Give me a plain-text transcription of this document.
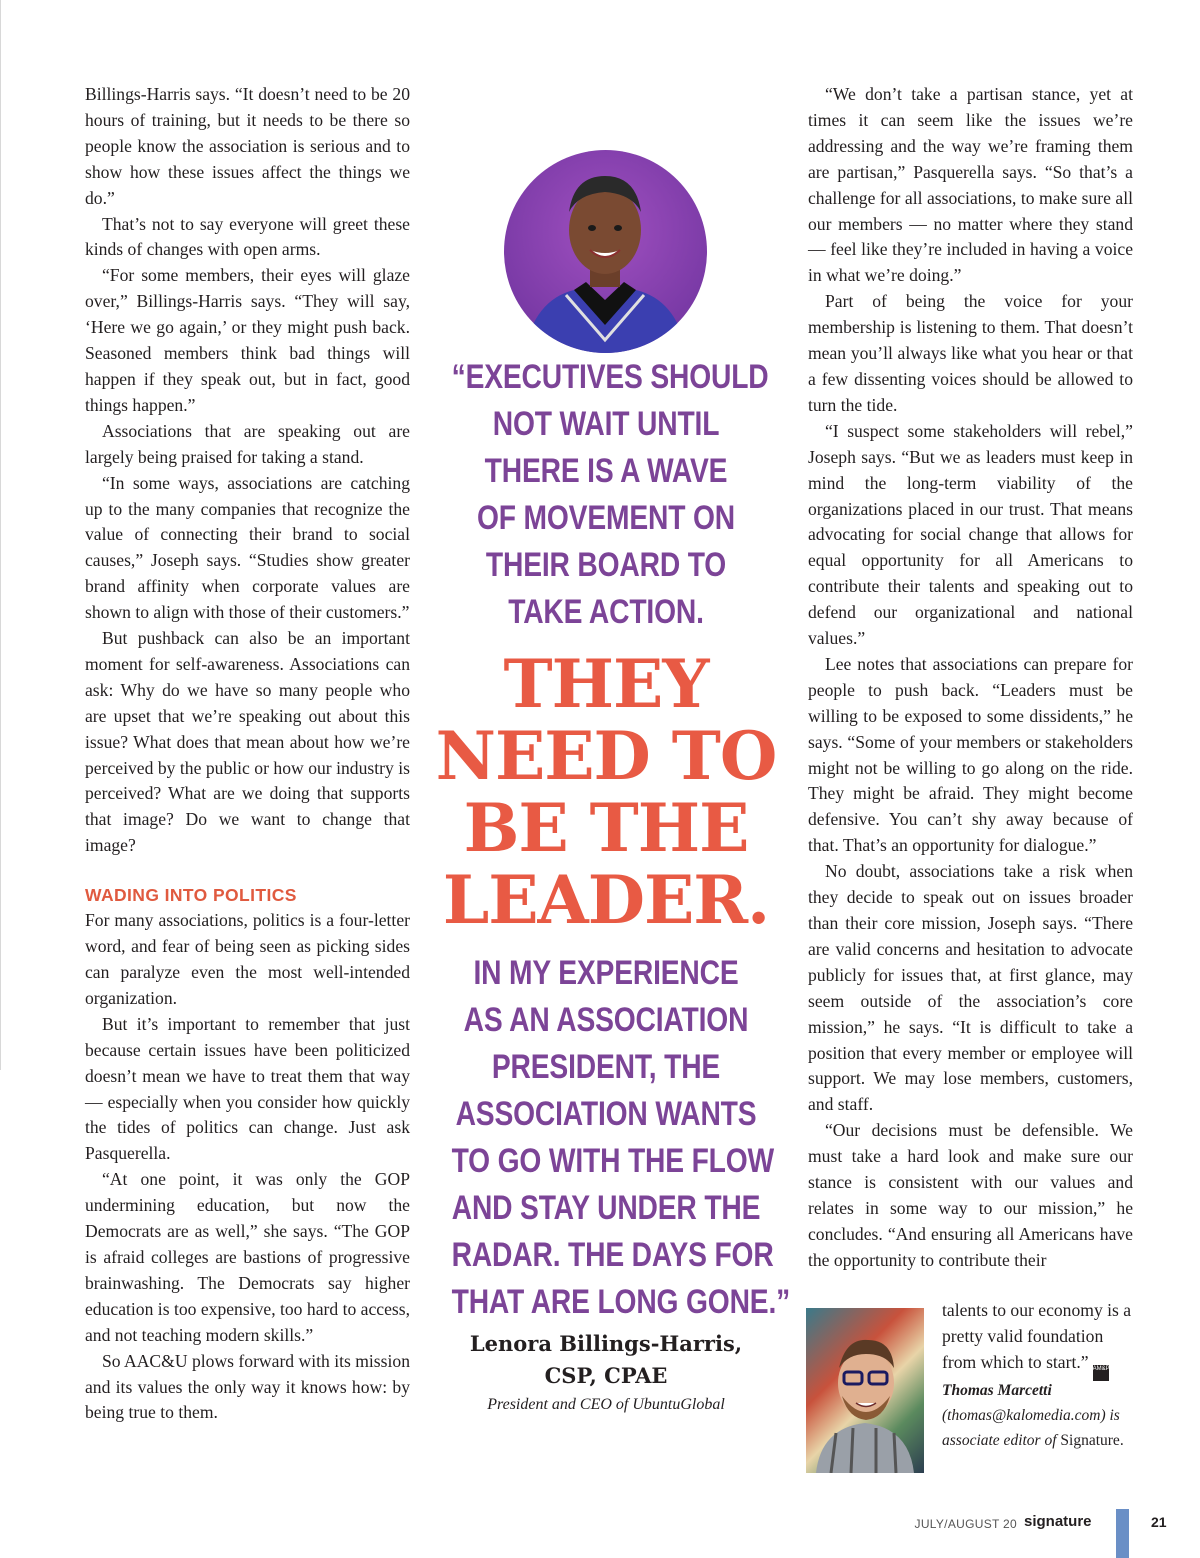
Billings-Harris says. “It doesn’t need to be 20 hours of training, but it needs to be there so people know the association is serious and to show how these issues affect the things we do.”

That’s not to say everyone will greet these kinds of changes with open arms.

“For some members, their eyes will glaze over,” Billings-Harris says. “They will say, ‘Here we go again,’ or they might push back. Seasoned members think bad things will happen if they speak out, but in fact, good things happen.”

Associations that are speaking out are largely being praised for taking a stand.

“In some ways, associations are catching up to the many companies that recognize the value of connecting their brand to social causes,” Joseph says. “Studies show greater brand affinity when corporate values are shown to align with those of their customers.”

But pushback can also be an important moment for self-awareness. Associations can ask: Why do we have so many people who are upset that we’re speaking out about this issue? What does that mean about how we’re perceived by the public or how our industry is perceived? What are we doing that supports that image? Do we want to change that image?

WADING INTO POLITICS

For many associations, politics is a four-letter word, and fear of being seen as picking sides can paralyze even the most well-intended organization.

But it’s important to remember that just because certain issues have been politicized doesn’t mean we have to treat them that way — especially when you consider how quickly the tides of politics can change. Just ask Pasquerella.

“At one point, it was only the GOP undermining education, but now the Democrats are as well,” she says. “The GOP is afraid colleges are bastions of progressive brainwashing. The Democrats say higher education is too expensive, too hard to access, and not teaching modern skills.”

So AAC&U plows forward with its mission and its values the only way it knows how: by being true to them.

“EXECUTIVES SHOULD
NOT WAIT UNTIL
THERE IS A WAVE
OF MOVEMENT ON
THEIR BOARD TO
TAKE ACTION.
THEY
NEED TO
BE THE
LEADER.
IN MY EXPERIENCE
AS AN ASSOCIATION
PRESIDENT, THE
ASSOCIATION WANTS
TO GO WITH THE FLOW
AND STAY UNDER THE
RADAR. THE DAYS FOR
THAT ARE LONG GONE.”
Lenora Billings-Harris,
CSP, CPAE
President and CEO of UbuntuGlobal

“We don’t take a partisan stance, yet at times it can seem like the issues we’re addressing and the way we’re framing them are partisan,” Pasquerella says. “So that’s a challenge for all associations, to make sure all our members — no matter where they stand — feel like they’re included in having a voice in what we’re doing.”

Part of being the voice for your membership is listening to them. That doesn’t mean you’ll always like what you hear or that a few dissenting voices should be allowed to turn the tide.

“I suspect some stakeholders will rebel,” Joseph says. “But we as leaders must keep in mind the long-term viability of the organizations placed in our trust. That means advocating for social change that allows for equal opportunity for all Americans to contribute their talents and speaking out to defend our organizational and national values.”

Lee notes that associations can prepare for people to push back. “Leaders must be willing to be exposed to some dissidents,” he says. “Some of your members or stakeholders might not be willing to go along on the ride. They might be afraid. They might become defensive. You can’t shy away because of that. That’s an opportunity for dialogue.”

No doubt, associations take a risk when they decide to speak out on issues broader than their core mission, Joseph says. “There are valid concerns and hesitation to advocate publicly for issues that, at first glance, may seem outside of the association’s core mission,” he says. “It is difficult to take a position that every member or employee will support. We may lose members, customers, and staff.

“Our decisions must be defensible. We must take a hard look and make sure our stance is consistent with our values and relates in some way to our mission,” he concludes. “And ensuring all Americans have the opportunity to contribute their

talents to our economy is a pretty valid foundation from which to start.” AM&P
Thomas Marcetti (thomas@kalomedia.com) is associate editor of Signature.
JULY/AUGUST 20 signature	21
